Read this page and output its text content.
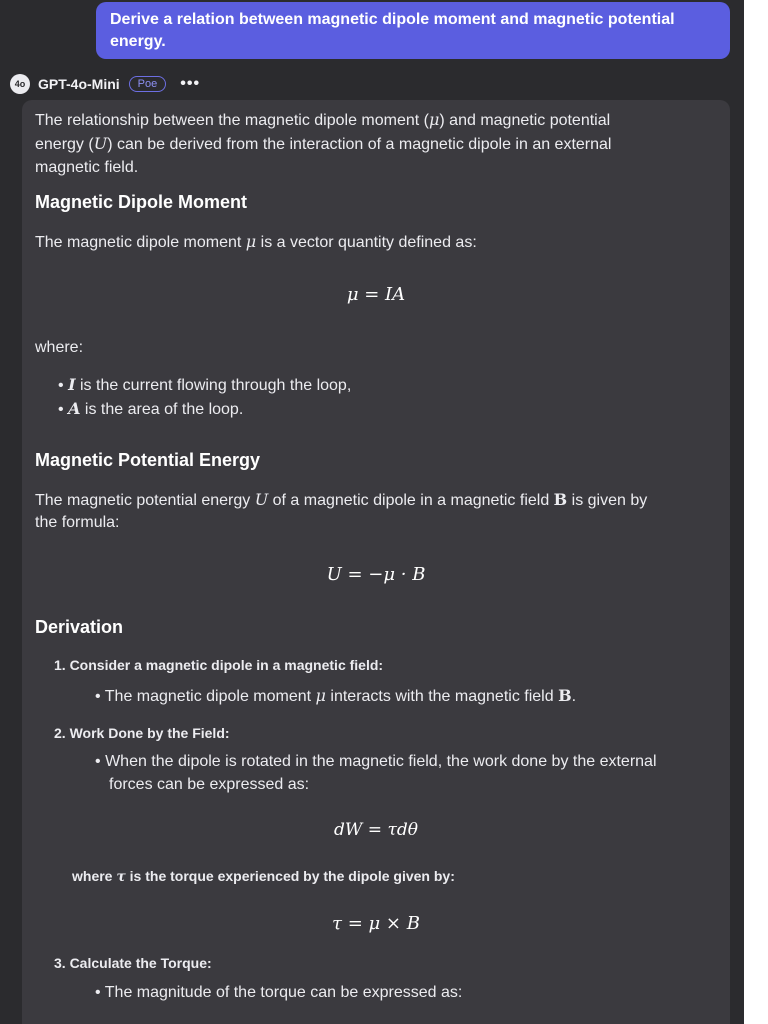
Derive a relation between magnetic dipole moment and magnetic potential energy.
4o GPT-4o-Mini	Poe	•••
The relationship between the magnetic dipole moment (μ) and magnetic potential
energy (U) can be derived from the interaction of a magnetic dipole in an external
magnetic field.
Magnetic Dipole Moment
The magnetic dipole moment μ is a vector quantity defined as:
μ = IA
where:
• I is the current flowing through the loop,
• A is the area of the loop.
Magnetic Potential Energy
The magnetic potential energy U of a magnetic dipole in a magnetic field B is given by
the formula:
U = −μ · B
Derivation
1. Consider a magnetic dipole in a magnetic field:
• The magnetic dipole moment μ interacts with the magnetic field B.
2. Work Done by the Field:
• When the dipole is rotated in the magnetic field, the work done by the external
forces can be expressed as:
dW = τdθ
where τ is the torque experienced by the dipole given by:
τ = μ × B
3. Calculate the Torque:
• The magnitude of the torque can be expressed as:
